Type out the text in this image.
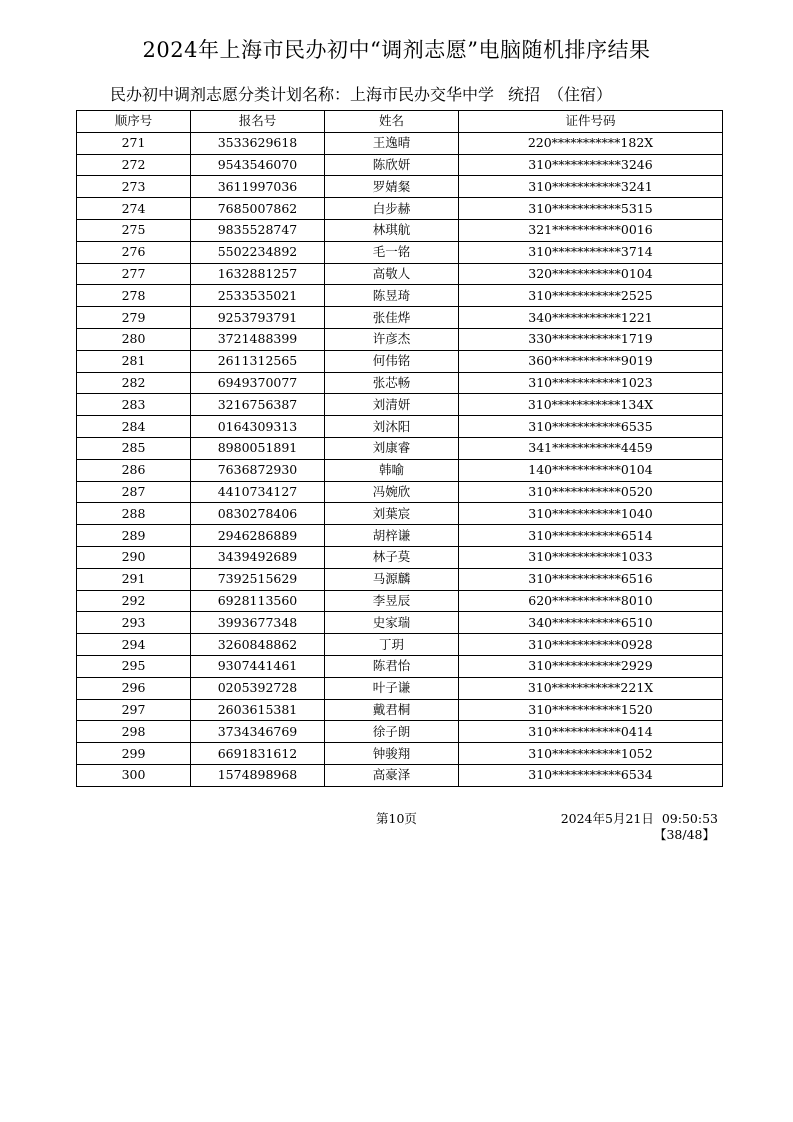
2024年上海市民办初中“调剂志愿”电脑随机排序结果
民办初中调剂志愿分类计划名称：上海市民办交华中学 统招　（住宿）
顺序号	报名号	姓名	证件号码
271	3533629618	王逸晴	220***********182X
272	9543546070	陈欣妍	310***********3246
273	3611997036	罗婧粲	310***********3241
274	7685007862	白步赫	310***********5315
275	9835528747	林琪航	321***********0016
276	5502234892	毛一铭	310***********3714
277	1632881257	高敬人	320***********0104
278	2533535021	陈昱琦	310***********2525
279	9253793791	张佳烨	340***********1221
280	3721488399	许彦杰	330***********1719
281	2611312565	何伟铭	360***********9019
282	6949370077	张芯畅	310***********1023
283	3216756387	刘清妍	310***********134X
284	0164309313	刘沐阳	310***********6535
285	8980051891	刘康睿	341***********4459
286	7636872930	韩喻	140***********0104
287	4410734127	冯婉欣	310***********0520
288	0830278406	刘葉宸	310***********1040
289	2946286889	胡梓谦	310***********6514
290	3439492689	林子莫	310***********1033
291	7392515629	马源麟	310***********6516
292	6928113560	李昱辰	620***********8010
293	3993677348	史家瑞	340***********6510
294	3260848862	丁玥	310***********0928
295	9307441461	陈君怡	310***********2929
296	0205392728	叶子谦	310***********221X
297	2603615381	戴君桐	310***********1520
298	3734346769	徐子朗	310***********0414
299	6691831612	钟骏翔	310***********1052
300	1574898968	高豪泽	310***********6534
第10页	2024年5月21日 09:50:53
【38/48】
